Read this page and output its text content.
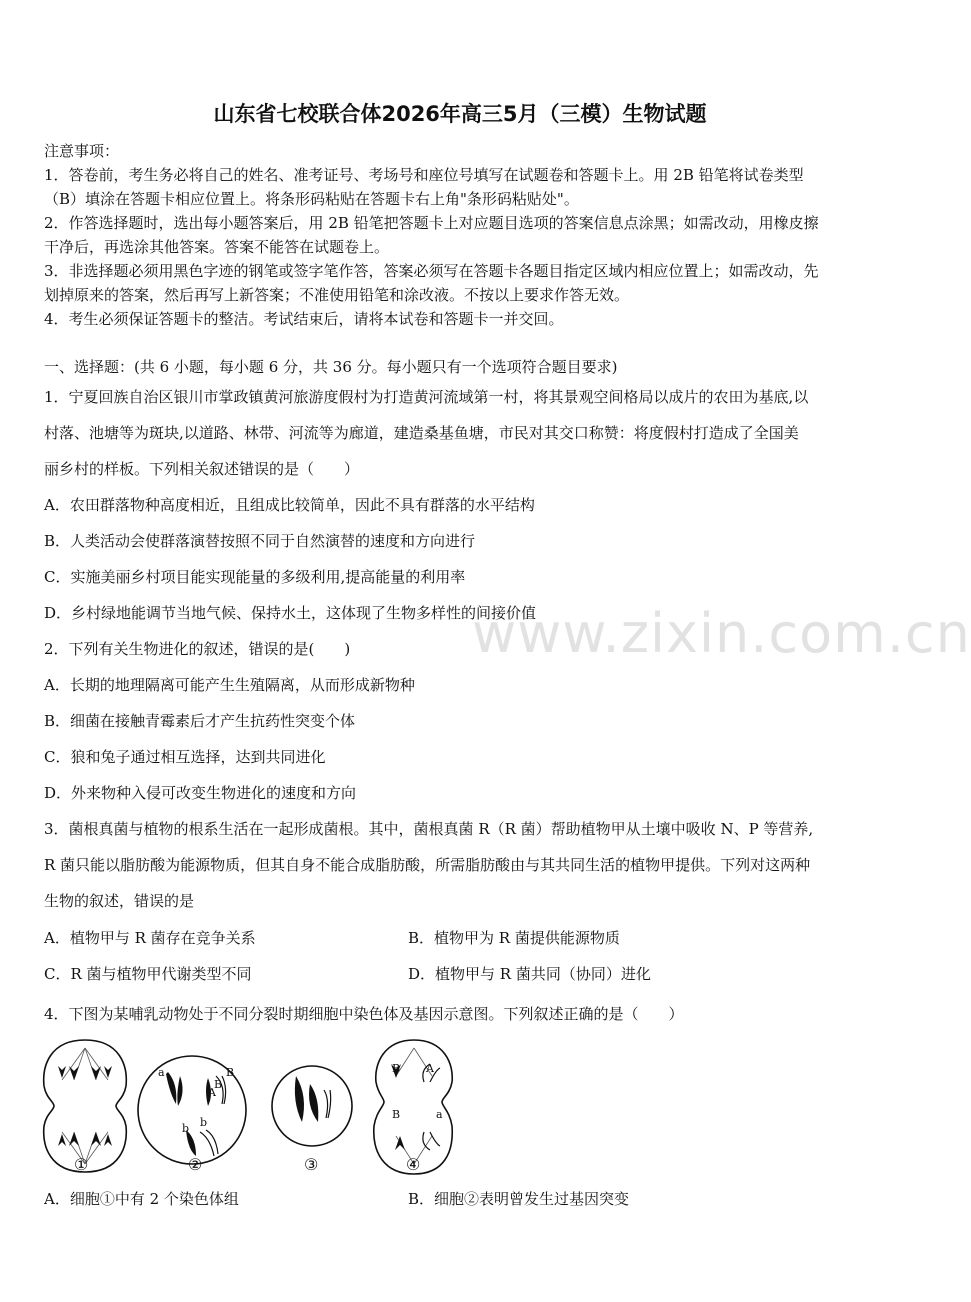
山东省七校联合体2026年高三5月（三模）生物试题
注意事项：
1．答卷前，考生务必将自己的姓名、准考证号、考场号和座位号填写在试题卷和答题卡上。用 2B 铅笔将试卷类型
（B）填涂在答题卡相应位置上。将条形码粘贴在答题卡右上角"条形码粘贴处"。
2．作答选择题时，选出每小题答案后，用 2B 铅笔把答题卡上对应题目选项的答案信息点涂黑；如需改动，用橡皮擦
干净后，再选涂其他答案。答案不能答在试题卷上。
3．非选择题必须用黑色字迹的钢笔或签字笔作答，答案必须写在答题卡各题目指定区域内相应位置上；如需改动，先
划掉原来的答案，然后再写上新答案；不准使用铅笔和涂改液。不按以上要求作答无效。
4．考生必须保证答题卡的整洁。考试结束后，请将本试卷和答题卡一并交回。
一、选择题：(共 6 小题，每小题 6 分，共 36 分。每小题只有一个选项符合题目要求)
1．宁夏回族自治区银川市掌政镇黄河旅游度假村为打造黄河流域第一村，将其景观空间格局以成片的农田为基底,以
村落、池塘等为斑块,以道路、林带、河流等为廊道，建造桑基鱼塘，市民对其交口称赞：将度假村打造成了全国美
丽乡村的样板。下列相关叙述错误的是（　　）
A．农田群落物种高度相近，且组成比较简单，因此不具有群落的水平结构
B．人类活动会使群落演替按照不同于自然演替的速度和方向进行
C．实施美丽乡村项目能实现能量的多级利用,提高能量的利用率
D．乡村绿地能调节当地气候、保持水土，这体现了生物多样性的间接价值
2．下列有关生物进化的叙述，错误的是(　　)
A．长期的地理隔离可能产生生殖隔离，从而形成新物种
B．细菌在接触青霉素后才产生抗药性突变个体
C．狼和兔子通过相互选择，达到共同进化
D．外来物种入侵可改变生物进化的速度和方向
3．菌根真菌与植物的根系生活在一起形成菌根。其中，菌根真菌 R（R 菌）帮助植物甲从土壤中吸收 N、P 等营养,
R 菌只能以脂肪酸为能源物质，但其自身不能合成脂肪酸，所需脂肪酸由与其共同生活的植物甲提供。下列对这两种
生物的叙述，错误的是
A．植物甲与 R 菌存在竞争关系	B．植物甲为 R 菌提供能源物质
C．R 菌与植物甲代谢类型不同	D．植物甲与 R 菌共同（协同）进化
4．下图为某哺乳动物处于不同分裂时期细胞中染色体及基因示意图。下列叙述正确的是（　　）
a	B
A
B
b b
B A
B	a
①	②	③	④
A．细胞①中有 2 个染色体组	B．细胞②表明曾发生过基因突变
www.zixin.com.cn
